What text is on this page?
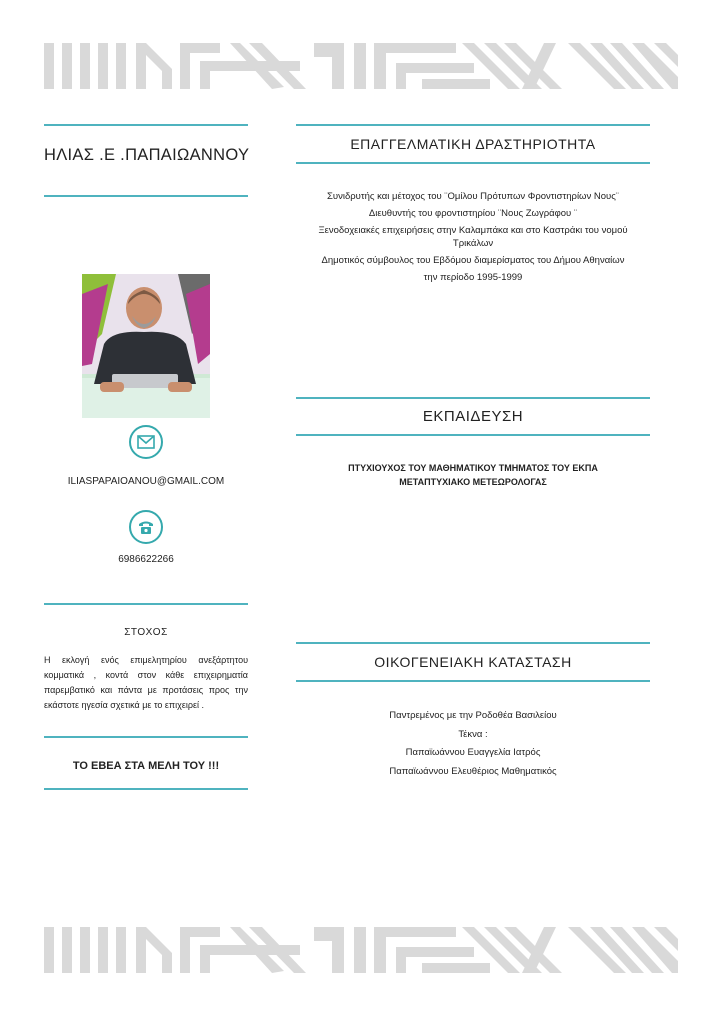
ΗΛΙΑΣ .Ε .ΠΑΠΑΙΩΑΝΝΟΥ
ILIASPAPAIOANOU@GMAIL.COM
6986622266
ΣΤΟΧΟΣ
Η εκλογή ενός επιμελητηρίου ανεξάρτητου κομματικά , κοντά στον κάθε επιχειρηματία παρεμβατικό και πάντα με προτάσεις προς την εκάστοτε ηγεσία σχετικά με το επιχειρεί .
ΤΟ ΕΒΕΑ ΣΤΑ ΜΕΛΗ ΤΟΥ !!!
ΕΠΑΓΓΕΛΜΑΤΙΚΗ ΔΡΑΣΤΗΡΙΟΤΗΤΑ
Συνιδρυτής και μέτοχος του ¨Ομίλου Πρότυπων Φροντιστηρίων Νους¨
Διευθυντής του φροντιστηρίου ¨Νους Ζωγράφου ¨
Ξενοδοχειακές επιχειρήσεις στην Καλαμπάκα και στο Καστράκι του νομού Τρικάλων
Δημοτικός σύμβουλος του Εβδόμου διαμερίσματος του Δήμου Αθηναίων
την περίοδο 1995-1999
ΕΚΠΑΙΔΕΥΣΗ
ΠΤΥΧΙΟΥΧΟΣ ΤΟΥ ΜΑΘΗΜΑΤΙΚΟΥ ΤΜΗΜΑΤΟΣ ΤΟΥ ΕΚΠΑ
ΜΕΤΑΠΤΥΧΙΑΚΟ ΜΕΤΕΩΡΟΛΟΓΑΣ
ΟΙΚΟΓΕΝΕΙΑΚΗ ΚΑΤΑΣΤΑΣΗ
Παντρεμένος με την Ροδοθέα Βασιλείου
Τέκνα :
Παπαϊωάννου Ευαγγελία Ιατρός
Παπαϊωάννου Ελευθέριος Μαθηματικός
